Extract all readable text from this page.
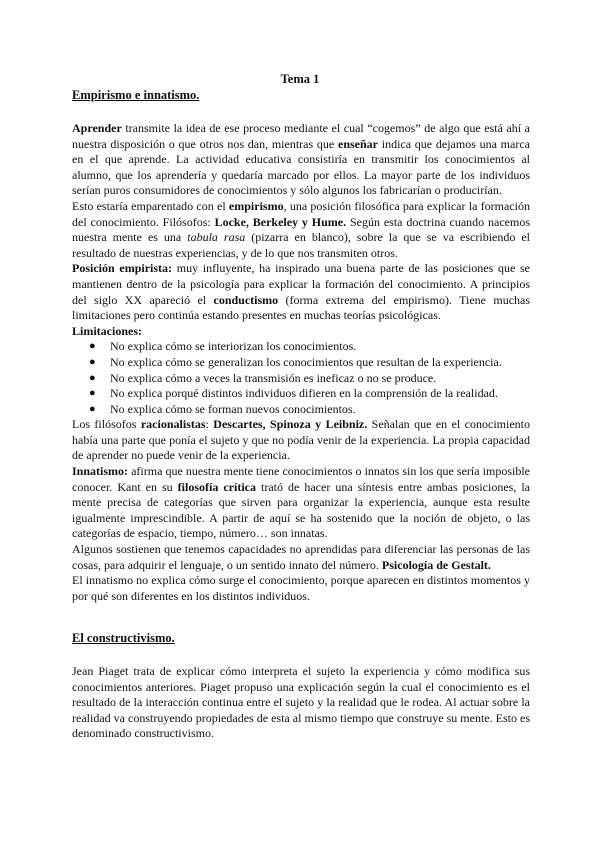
Tema 1
Empirismo e innatismo.

Aprender transmite la idea de ese proceso mediante el cual “cogemos” de algo que está ahí a nuestra disposición o que otros nos dan, mientras que enseñar indica que dejamos una marca en el que aprende. La actividad educativa consistiría en transmitir los conocimientos al alumno, que los aprendería y quedaría marcado por ellos. La mayor parte de los individuos serían puros consumidores de conocimientos y sólo algunos los fabricarían o producirían.

Esto estaría emparentado con el empirismo, una posición filosófica para explicar la formación del conocimiento. Filósofos: Locke, Berkeley y Hume. Según esta doctrina cuando nacemos nuestra mente es una tabula rasa (pizarra en blanco), sobre la que se va escribiendo el resultado de nuestras experiencias, y de lo que nos transmiten otros.

Posición empirista: muy influyente, ha inspirado una buena parte de las posiciones que se mantienen dentro de la psicología para explicar la formación del conocimiento. A principios del siglo XX apareció el conductismo (forma extrema del empirismo). Tiene muchas limitaciones pero continúa estando presentes en muchas teorías psicológicas.

Limitaciones:

● No explica cómo se interiorizan los conocimientos.
● No explica cómo se generalizan los conocimientos que resultan de la experiencia.
● No explica cómo a veces la transmisión es ineficaz o no se produce.
● No explica porqué distintos individuos difieren en la comprensión de la realidad.
● No explica cómo se forman nuevos conocimientos.

Los filósofos racionalistas: Descartes, Spinoza y Leibniz. Señalan que en el conocimiento había una parte que ponía el sujeto y que no podía venir de la experiencia. La propia capacidad de aprender no puede venir de la experiencia.

Innatismo: afirma que nuestra mente tiene conocimientos o innatos sin los que sería imposible conocer. Kant en su filosofía crítica trató de hacer una síntesis entre ambas posiciones, la mente precisa de categorías que sirven para organizar la experiencia, aunque esta resulte igualmente imprescindible. A partir de aquí se ha sostenido que la noción de objeto, o las categorías de espacio, tiempo, número… son innatas.

Algunos sostienen que tenemos capacidades no aprendidas para diferenciar las personas de las cosas, para adquirir el lenguaje, o un sentido innato del número. Psicología de Gestalt.

El innatismo no explica cómo surge el conocimiento, porque aparecen en distintos momentos y por qué son diferentes en los distintos individuos.

El constructivismo.

Jean Piaget trata de explicar cómo interpreta el sujeto la experiencia y cómo modifica sus conocimientos anteriores. Piaget propuso una explicación según la cual el conocimiento es el resultado de la interacción continua entre el sujeto y la realidad que le rodea. Al actuar sobre la realidad va construyendo propiedades de esta al mismo tiempo que construye su mente. Esto es denominado constructivismo.
